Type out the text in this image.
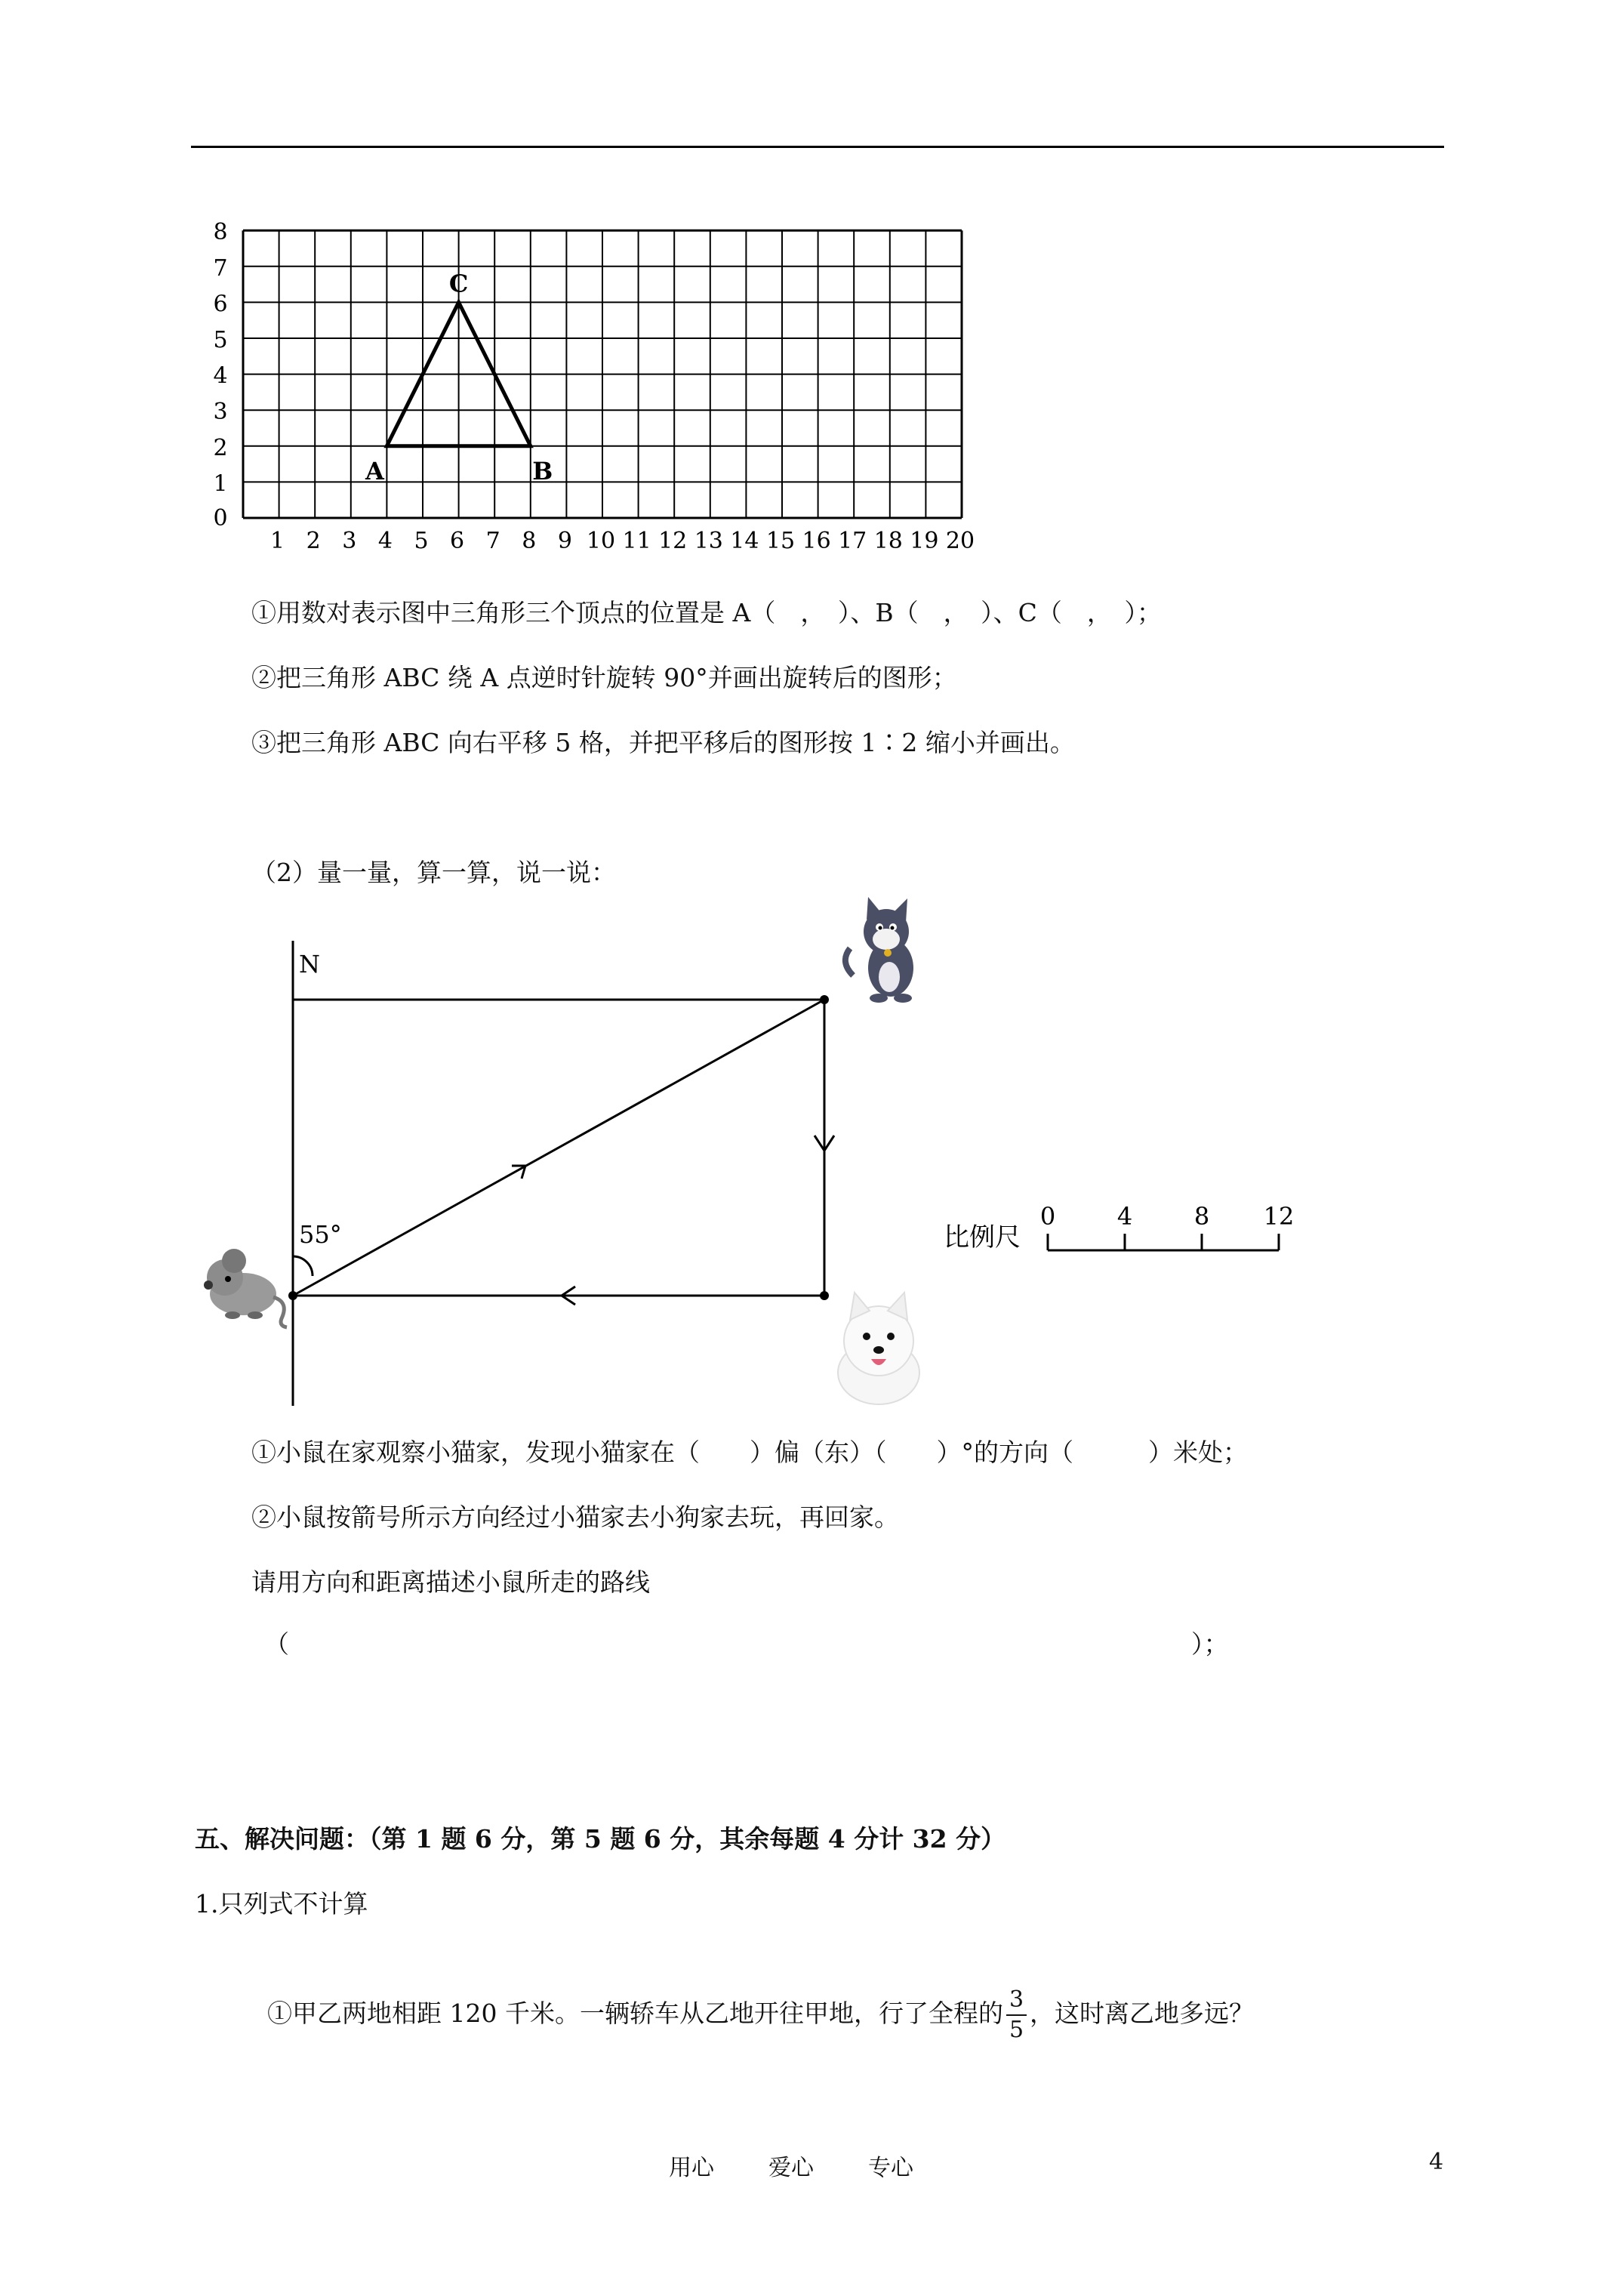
1 2 3 4 5 6 7 8 9 10 11 12 13 14 15 16 17 18 19 20
0
1
2
3
4
5
6
7
8
A	B
C
①用数对表示图中三角形三个顶点的位置是 A（　，　）、B（　，　）、C（　，　）；
②把三角形 ABC 绕 A 点逆时针旋转 90°并画出旋转后的图形；
③把三角形 ABC 向右平移 5 格，并把平移后的图形按 1∶2 缩小并画出。
（2）量一量，算一算，说一说：
N
55°	比例尺
0	4	8 12
①小鼠在家观察小猫家，发现小猫家在（　　）偏（东）（　　）°的方向（　　　）米处；
②小鼠按箭号所示方向经过小猫家去小狗家去玩，再回家。
请用方向和距离描述小鼠所走的路线
（	）；
五、解决问题：（第 1 题 6 分，第 5 题 6 分，其余每题 4 分计 32 分）
1.只列式不计算

①甲乙两地相距 120 千米。一辆轿车从乙地开往甲地，行了全程的 $\frac{3}{5}$ ，这时离乙地多远？

用心 爱心 专心	4
